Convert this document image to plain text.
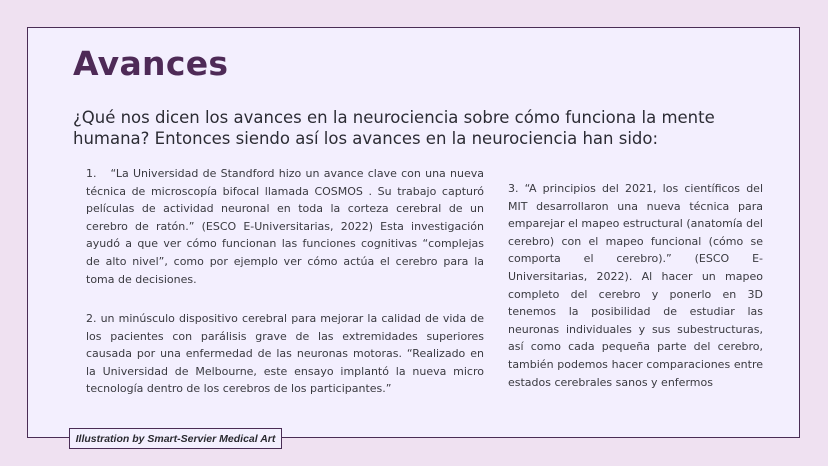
Avances

¿Qué nos dicen los avances en la neurociencia sobre cómo funciona la mente humana? Entonces siendo así los avances en la neurociencia han sido:

1. “La Universidad de Standford hizo un avance clave con una nueva técnica de microscopía bifocal llamada COSMOS . Su trabajo capturó películas de actividad neuronal en toda la corteza cerebral de un cerebro de ratón.” (ESCO E-Universitarias, 2022) Esta investigación ayudó a que ver cómo funcionan las funciones cognitivas “complejas de alto nivel”, como por ejemplo ver cómo actúa el cerebro para la toma de decisiones.

2. un minúsculo dispositivo cerebral para mejorar la calidad de vida de los pacientes con parálisis grave de las extremidades superiores causada por una enfermedad de las neuronas motoras. “Realizado en la Universidad de Melbourne, este ensayo implantó la nueva micro tecnología dentro de los cerebros de los participantes.”

3. “A principios del 2021, los científicos del MIT desarrollaron una nueva técnica para emparejar el mapeo estructural (anatomía del cerebro) con el mapeo funcional (cómo se comporta el cerebro).” (ESCO E-Universitarias, 2022). Al hacer un mapeo completo del cerebro y ponerlo en 3D tenemos la posibilidad de estudiar las neuronas individuales y sus subestructuras, así como cada pequeña parte del cerebro, también podemos hacer comparaciones entre estados cerebrales sanos y enfermos

Illustration by Smart-Servier Medical Art
